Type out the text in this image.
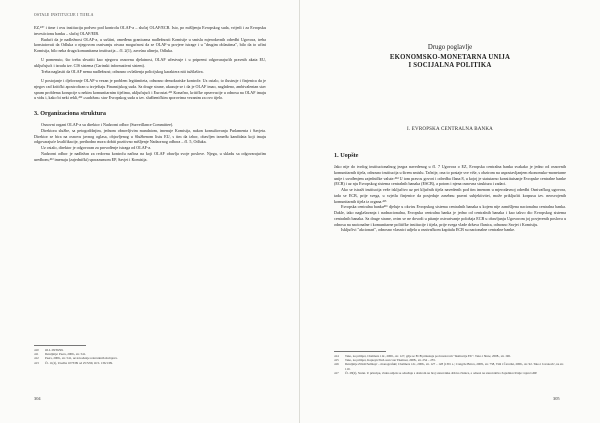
OSTALE INSTITUCIJE I TIJELA

EZ,⁴¹⁰ i time i ovu instituciju podvео pod kontrolu OLAF-a – slučaj OLAF/ECB. Isto, po mišljenju Evropskog suda, vrijedi i za Evropsku investicionu banku – slučaj OLAF/EIB.

Budući da je nadležnost OLAF-a, u suštini, omeđena granicama nadležnosti Komisije u smislu mjerodavnih odredbi Ugovora, treba konstatovati da Odluka o njegovom osnivanju otvara mogućnost da se OLAF-u povjere istrage i u "drugim oblastima", bilo da to učini Komisija, bilo neka druga komunitarna institucija – čl. 2(1), zavrśna alineja, Odluka.

U pomenuto, što treba shvatiti kao njegovu osnovnu djelatnost, OLAF učestvuje i u pripremi odgovarajućih pravnih akata EU, uključujući i izradu tzv. CIS sistema (Carinski informativni sistem).

Treba naglasiti da OLAF nema nadležnost; odnosno ovlaštenja policijskog karaktera niti tužilaštva.

U postojanje i djelovanje OLAF-a vezan je problem legitimiteta, odnosno demokratske kontrole. Uz ostalo, to ilustruje i činjenica da je njegov rad kritički apostrofiran u izvještaju Finansijskog suda. Sa druge strane, ukazuje se i da je OLAF imao, naglašeno, ambivalentan stav spram problema korupcije u nekim komunitarnim tijelima, uključujući i Eurostat.⁴¹¹ Konačno, kritičke opservacije u odnosu na OLAF imaju u vidu i, kako bi neki rekli,⁴¹² »sudržan« stav Evropskog suda u tzv. službeničkim sporovima vezanim za ovo tijelo.

3. Organizaciona struktura

Osnovni organi OLAF-a su direktor i Nadzorni odbor (Surveillance Committee).

Direktora službe, sa petogodišnjim, jednom obnovljivim mandatom, imenuje Komisija, nakon konsultovanja Parlamenta i Savjeta. Direktor se bira na osnovu javnog oglasa, objavljenog u Službenom listu EU, s tim da izbor, obavljen između kandidata koji imaju odgovarajuće kvalifikacije, prethodno mora dobiti pozitivno mišljenje Nadzornog odbora – čl. 5, Odluka.

Uz ostalo, direktor je odgovoran za provođenje istraga od OLAF-a.

Nadzorni odbor je nadležan za redovnu kontrolu načina na koji OLAF obavlja svoje poslove. Njega, u skladu sa odgovarajućim uredbom,⁴¹³ imenuju (zajednički) sporazumom EP, Savjet i Komisija.

410	Ol.L 28/36/99.
411	Detaljnije: Peers, 2006., str. 541.
412	Peers, 2006., str. 541, uz navođenje relevantnih slučajeva.
413	Čl. 11(2), Uredba 1073/99 od 25/5/99, OJ L 136/1/99.
304
Drugo poglavlje
EKONOMSKO-MONETARNA UNIJA
I SOCIJALNA POLITIKA
I. EVROPSKA CENTRALNA BANKA
1. Uopšte

Jako nije do tvrdog institucionalnog jezgra navedenog u čl. 7 Ugovora o EZ, Evropska centralna banka svakako je jedno od osnovnih komunitarnih tijela, odnosno institucija u širem smislu. Tačnije, ona to postaje sve više, s obzirom na uspostavljanjem ekonomsko-monetarne unije i uvođenjem zajedničke valute.⁴¹⁴ U tom pravcu govori i odredba člana 8, u kojoj je statutarno konstituisanje Evropske centralne banke (ECB) i uz nju Evropskog sistema centralnih banaka (ESCB), a potom i njena osnovna struktura i zadaci.

Ako se istraži institucija veže isključivo uz pet ključnih tijela navedenih pod tim imenom u mjerodavnoj odredbi Osnivačkog ugovora, tada se ECB, prije svega, u svjetlu činjenice da posjeduje zasebnu pravni subjektivitet, može prikljućiti korpusu tzv. neosvojenih komunitarnih tijela iz organa.⁴¹⁵

Evropska centralna banka⁴¹⁶ djeluje u okviru Evropskog sistema centralnih banaka u kojem nije zamišljena nacionalna centralna banka. Dakle, iako naglašavanja i nadnacionalna, Evropska centralna banka je jedno od centralnih banaka i kao takvo dio Evropskog sistema centralnih banaka. Sa druge strane, ovim se ne dovodi u pitanje ostvarivanje položaja ECB u obavljanju Ugovorom joj povjerenih poslova u odnosu na nacionalne i komunitarne političke institucije i tijela, prije svega vlade država članica, odnosno Savjet i Komisiju.

Isključivi "akcionari", odnosno vlasnici udjela u osnivačkom kapitalu ECB su nacionalne centralne banke.

414	Tako, na primjer, Chalmers i dr., 2006., str. 127, gdje se ECB prikazuje pod naslovom "Institucije EU". Tako i Shaw, 2008., str. 196.
415	Tako, na primjer, Kapteyn/VerLoren van Themaat, 2008., str. 254 – 255.
416	Detaljnije Zilioli/Selmayr – monografski; Chalmers i dr., 2006., str. 127 – 128 (139 i s.; Craig/de Búrca, 2008., str. 758, Vidi i Čavoški, 2006., str. 92. Tako i Jovanović, na str. 110.
417	Čl. 28(2), Statut. U principu, visina udjela se određuje s obzirom na broj stanovnika država članica, a odnosi na stanovnišvo Zajednice/Unije i njen GDP.
305
